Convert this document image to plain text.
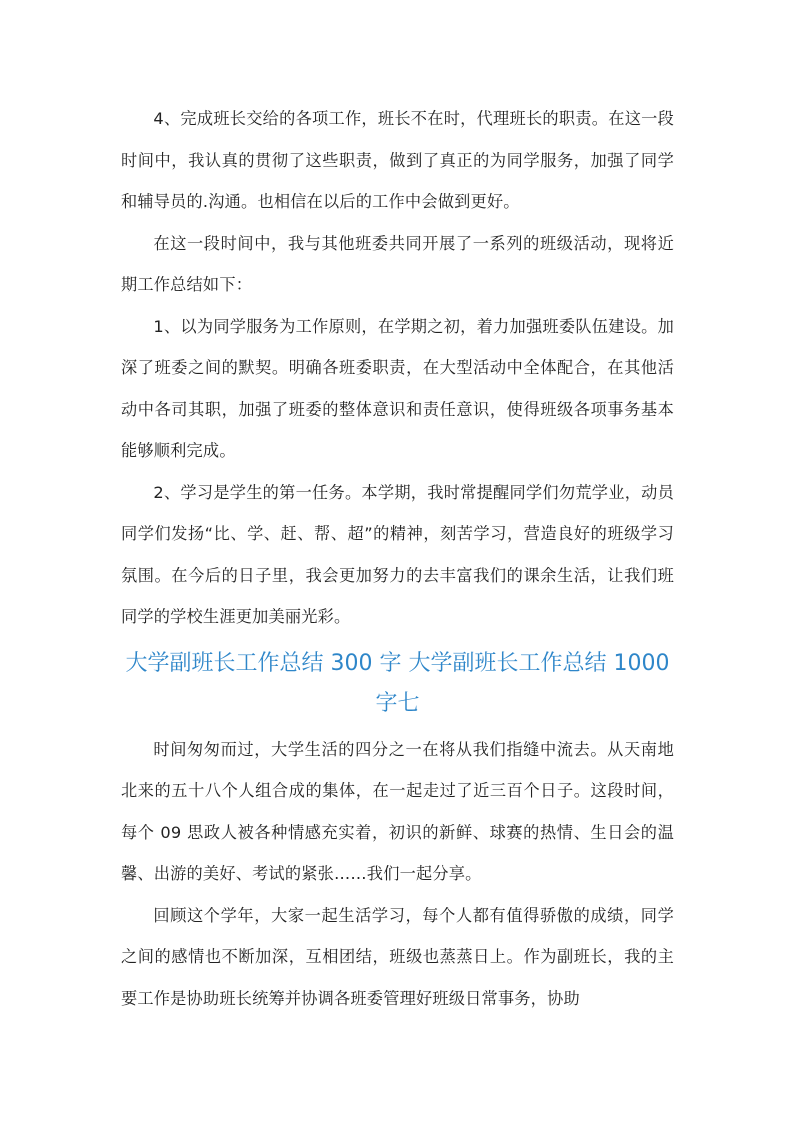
4、完成班长交给的各项工作，班长不在时，代理班长的职责。在这一段时间中，我认真的贯彻了这些职责，做到了真正的为同学服务，加强了同学和辅导员的.沟通。也相信在以后的工作中会做到更好。

在这一段时间中，我与其他班委共同开展了一系列的班级活动，现将近期工作总结如下：

1、以为同学服务为工作原则，在学期之初，着力加强班委队伍建设。加深了班委之间的默契。明确各班委职责，在大型活动中全体配合，在其他活动中各司其职，加强了班委的整体意识和责任意识，使得班级各项事务基本能够顺利完成。

2、学习是学生的第一任务。本学期，我时常提醒同学们勿荒学业，动员同学们发扬“比、学、赶、帮、超”的精神，刻苦学习，营造良好的班级学习氛围。在今后的日子里，我会更加努力的去丰富我们的课余生活，让我们班同学的学校生涯更加美丽光彩。

大学副班长工作总结 300 字 大学副班长工作总结 1000
字七

时间匆匆而过，大学生活的四分之一在将从我们指缝中流去。从天南地北来的五十八个人组合成的集体，在一起走过了近三百个日子。这段时间，每个 09 思政人被各种情感充实着，初识的新鲜、球赛的热情、生日会的温馨、出游的美好、考试的紧张……我们一起分享。

回顾这个学年，大家一起生活学习，每个人都有值得骄傲的成绩，同学之间的感情也不断加深，互相团结，班级也蒸蒸日上。作为副班长，我的主要工作是协助班长统筹并协调各班委管理好班级日常事务，协助
